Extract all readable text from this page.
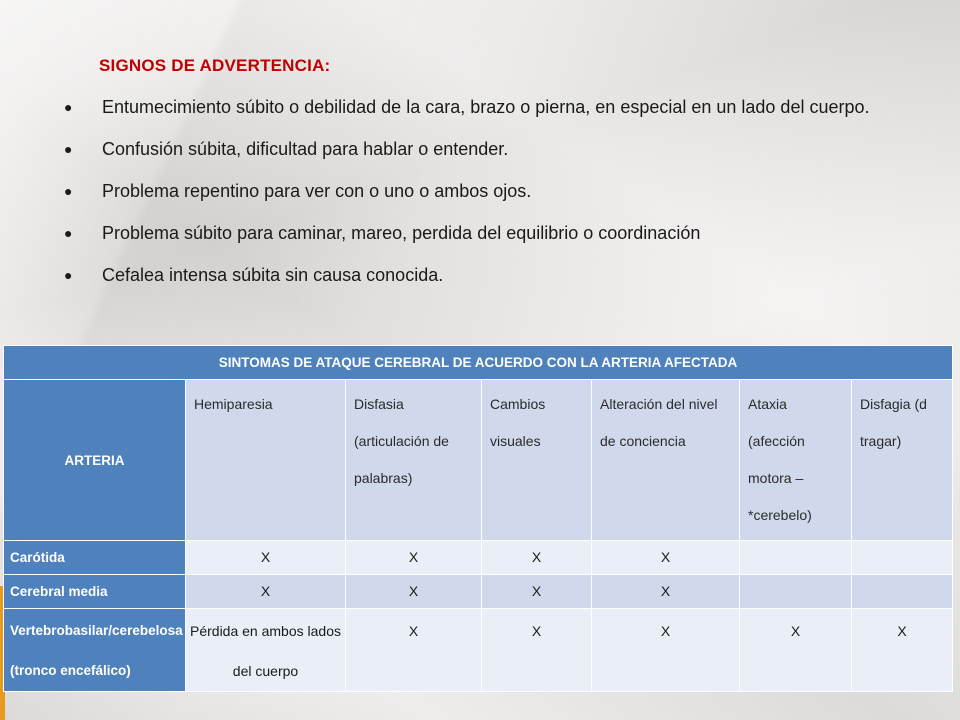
SIGNOS DE ADVERTENCIA:
●	Entumecimiento súbito o debilidad de la cara, brazo o pierna, en especial en un lado del cuerpo.
●	Confusión súbita, dificultad para hablar o entender.
●	Problema repentino para ver con o uno o ambos ojos.
●	Problema súbito para caminar, mareo, perdida del equilibrio o coordinación
●	Cefalea intensa súbita sin causa conocida.
SINTOMAS DE ATAQUE CEREBRAL DE ACUERDO CON LA ARTERIA AFECTADA						
ARTERIA	Hemiparesia	Disfasia (articulación de palabras)	Cambios visuales	Alteración del nivel de conciencia	Ataxia (afección motora – *cerebelo)	Disfagia (d tragar)
Carótida	X	X	X	X		
Cerebral media	X	X	X	X		
Vertebrobasilar/cerebelosa (tronco encefálico)	Pérdida en ambos lados del cuerpo	X	X	X	X	X
